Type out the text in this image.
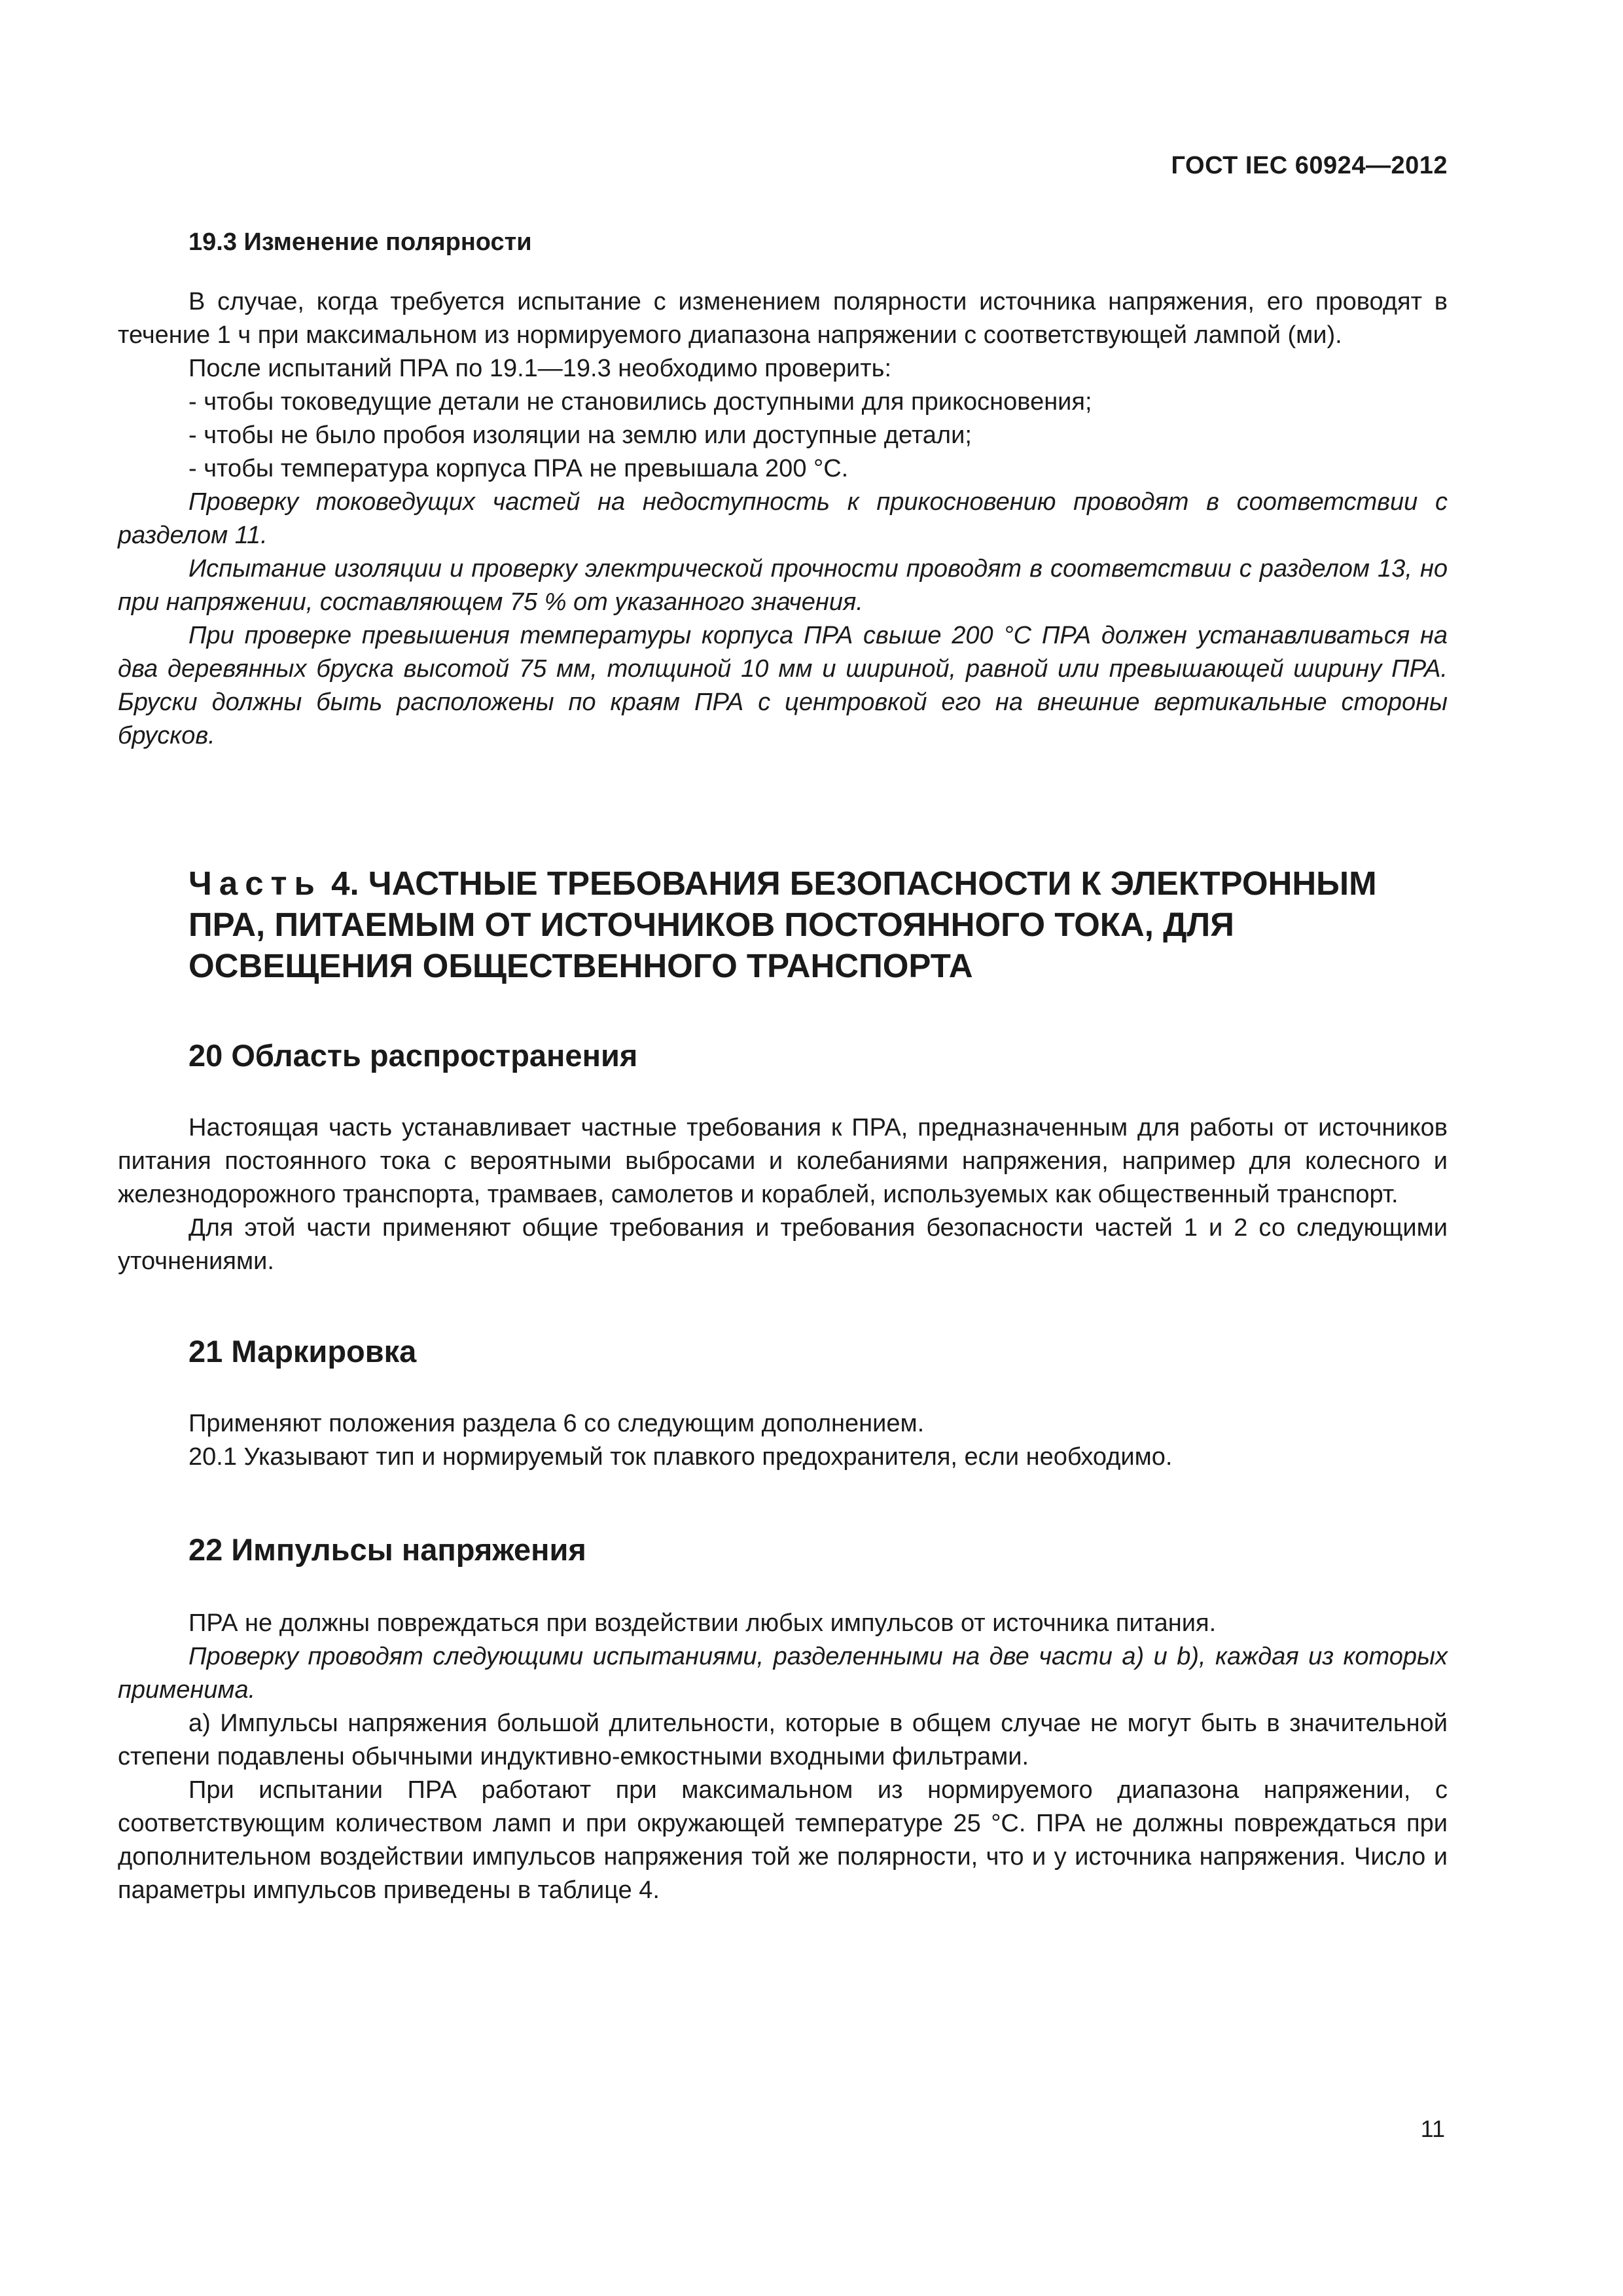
ГОСТ IEC 60924—2012
19.3 Изменение полярности

В случае, когда требуется испытание с изменением полярности источника напряжения, его проводят в течение 1 ч при максимальном из нормируемого диапазона напряжении с соответствующей лампой (ми).

После испытаний ПРА по 19.1—19.3 необходимо проверить:

- чтобы токоведущие детали не становились доступными для прикосновения;

- чтобы не было пробоя изоляции на землю или доступные детали;

- чтобы температура корпуса ПРА не превышала 200 °С.

Проверку токоведущих частей на недоступность к прикосновению проводят в соответствии с разделом 11.

Испытание изоляции и проверку электрической прочности проводят в соответствии с разделом 13, но при напряжении, составляющем 75 % от указанного значения.

При проверке превышения температуры корпуса ПРА свыше 200 °С ПРА должен устанавливаться на два деревянных бруска высотой 75 мм, толщиной 10 мм и шириной, равной или превышающей ширину ПРА. Бруски должны быть расположены по краям ПРА с центровкой его на внешние вертикальные стороны брусков.

Часть 4. ЧАСТНЫЕ ТРЕБОВАНИЯ БЕЗОПАСНОСТИ К ЭЛЕКТРОННЫМ ПРА, ПИТАЕМЫМ ОТ ИСТОЧНИКОВ ПОСТОЯННОГО ТОКА, ДЛЯ ОСВЕЩЕНИЯ ОБЩЕСТВЕННОГО ТРАНСПОРТА
20 Область распространения

Настоящая часть устанавливает частные требования к ПРА, предназначенным для работы от источников питания постоянного тока с вероятными выбросами и колебаниями напряжения, например для колесного и железнодорожного транспорта, трамваев, самолетов и кораблей, используемых как общественный транспорт.

Для этой части применяют общие требования и требования безопасности частей 1 и 2 со следующими уточнениями.

21 Маркировка

Применяют положения раздела 6 со следующим дополнением.

20.1 Указывают тип и нормируемый ток плавкого предохранителя, если необходимо.

22 Импульсы напряжения

ПРА не должны повреждаться при воздействии любых импульсов от источника питания.

Проверку проводят следующими испытаниями, разделенными на две части а) и b), каждая из которых применима.

а) Импульсы напряжения большой длительности, которые в общем случае не могут быть в значительной степени подавлены обычными индуктивно-емкостными входными фильтрами.

При испытании ПРА работают при максимальном из нормируемого диапазона напряжении, с соответствующим количеством ламп и при окружающей температуре 25 °С. ПРА не должны повреждаться при дополнительном воздействии импульсов напряжения той же полярности, что и у источника напряжения. Число и параметры импульсов приведены в таблице 4.

11
